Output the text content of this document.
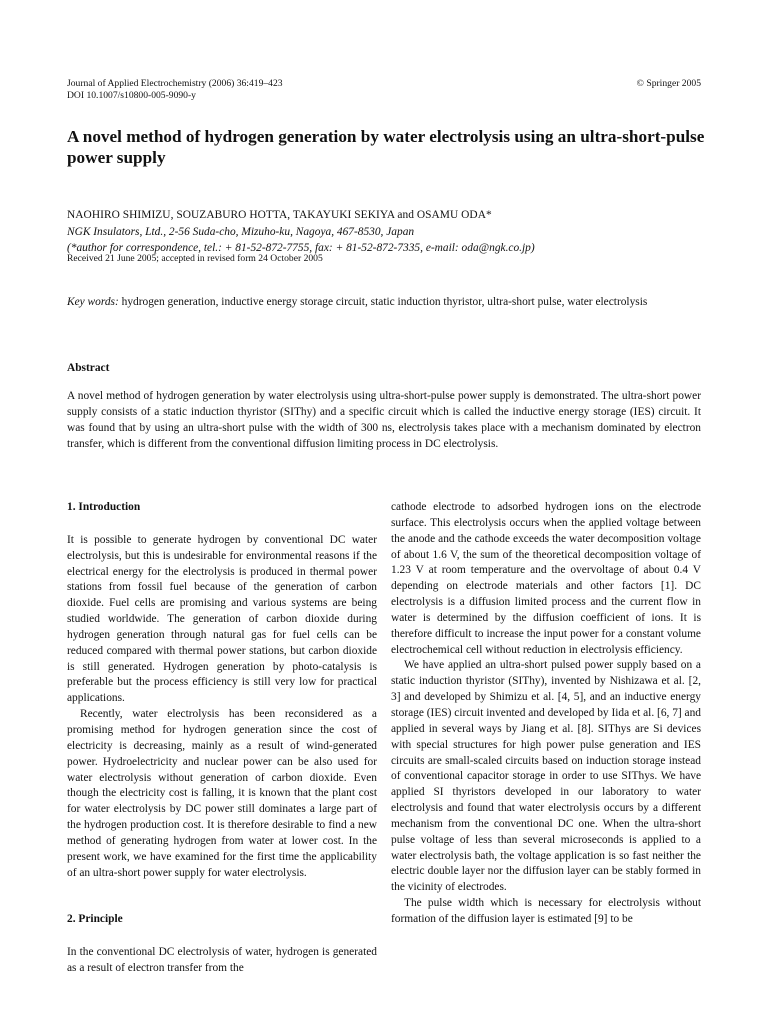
Journal of Applied Electrochemistry (2006) 36:419–423
DOI 10.1007/s10800-005-9090-y
© Springer 2005
A novel method of hydrogen generation by water electrolysis using an ultra-short-pulse power supply
NAOHIRO SHIMIZU, SOUZABURO HOTTA, TAKAYUKI SEKIYA and OSAMU ODA*
NGK Insulators, Ltd., 2-56 Suda-cho, Mizuho-ku, Nagoya, 467-8530, Japan
(*author for correspondence, tel.: + 81-52-872-7755, fax: + 81-52-872-7335, e-mail: oda@ngk.co.jp)
Received 21 June 2005; accepted in revised form 24 October 2005
Key words: hydrogen generation, inductive energy storage circuit, static induction thyristor, ultra-short pulse, water electrolysis
Abstract
A novel method of hydrogen generation by water electrolysis using ultra-short-pulse power supply is demonstrated. The ultra-short power supply consists of a static induction thyristor (SIThy) and a specific circuit which is called the inductive energy storage (IES) circuit. It was found that by using an ultra-short pulse with the width of 300 ns, electrolysis takes place with a mechanism dominated by electron transfer, which is different from the conventional diffusion limiting process in DC electrolysis.

1. Introduction

It is possible to generate hydrogen by conventional DC water electrolysis, but this is undesirable for environmental reasons if the electrical energy for the electrolysis is produced in thermal power stations from fossil fuel because of the generation of carbon dioxide. Fuel cells are promising and various systems are being studied worldwide. The generation of carbon dioxide during hydrogen generation through natural gas for fuel cells can be reduced compared with thermal power stations, but carbon dioxide is still generated. Hydrogen generation by photo-catalysis is preferable but the process efficiency is still very low for practical applications.

Recently, water electrolysis has been reconsidered as a promising method for hydrogen generation since the cost of electricity is decreasing, mainly as a result of wind-generated power. Hydroelectricity and nuclear power can be also used for water electrolysis without generation of carbon dioxide. Even though the electricity cost is falling, it is known that the plant cost for water electrolysis by DC power still dominates a large part of the hydrogen production cost. It is therefore desirable to find a new method of generating hydrogen from water at lower cost. In the present work, we have examined for the first time the applicability of an ultra-short power supply for water electrolysis.

2. Principle

In the conventional DC electrolysis of water, hydrogen is generated as a result of electron transfer from the

cathode electrode to adsorbed hydrogen ions on the electrode surface. This electrolysis occurs when the applied voltage between the anode and the cathode exceeds the water decomposition voltage of about 1.6 V, the sum of the theoretical decomposition voltage of 1.23 V at room temperature and the overvoltage of about 0.4 V depending on electrode materials and other factors [1]. DC electrolysis is a diffusion limited process and the current flow in water is determined by the diffusion coefficient of ions. It is therefore difficult to increase the input power for a constant volume electrochemical cell without reduction in electrolysis efficiency.

We have applied an ultra-short pulsed power supply based on a static induction thyristor (SIThy), invented by Nishizawa et al. [2, 3] and developed by Shimizu et al. [4, 5], and an inductive energy storage (IES) circuit invented and developed by Iida et al. [6, 7] and applied in several ways by Jiang et al. [8]. SIThys are Si devices with special structures for high power pulse generation and IES circuits are small-scaled circuits based on induction storage instead of conventional capacitor storage in order to use SIThys. We have applied SI thyristors developed in our laboratory to water electrolysis and found that water electrolysis occurs by a different mechanism from the conventional DC one. When the ultra-short pulse voltage of less than several microseconds is applied to a water electrolysis bath, the voltage application is so fast neither the electric double layer nor the diffusion layer can be stably formed in the vicinity of electrodes.

The pulse width which is necessary for electrolysis without formation of the diffusion layer is estimated [9] to be
